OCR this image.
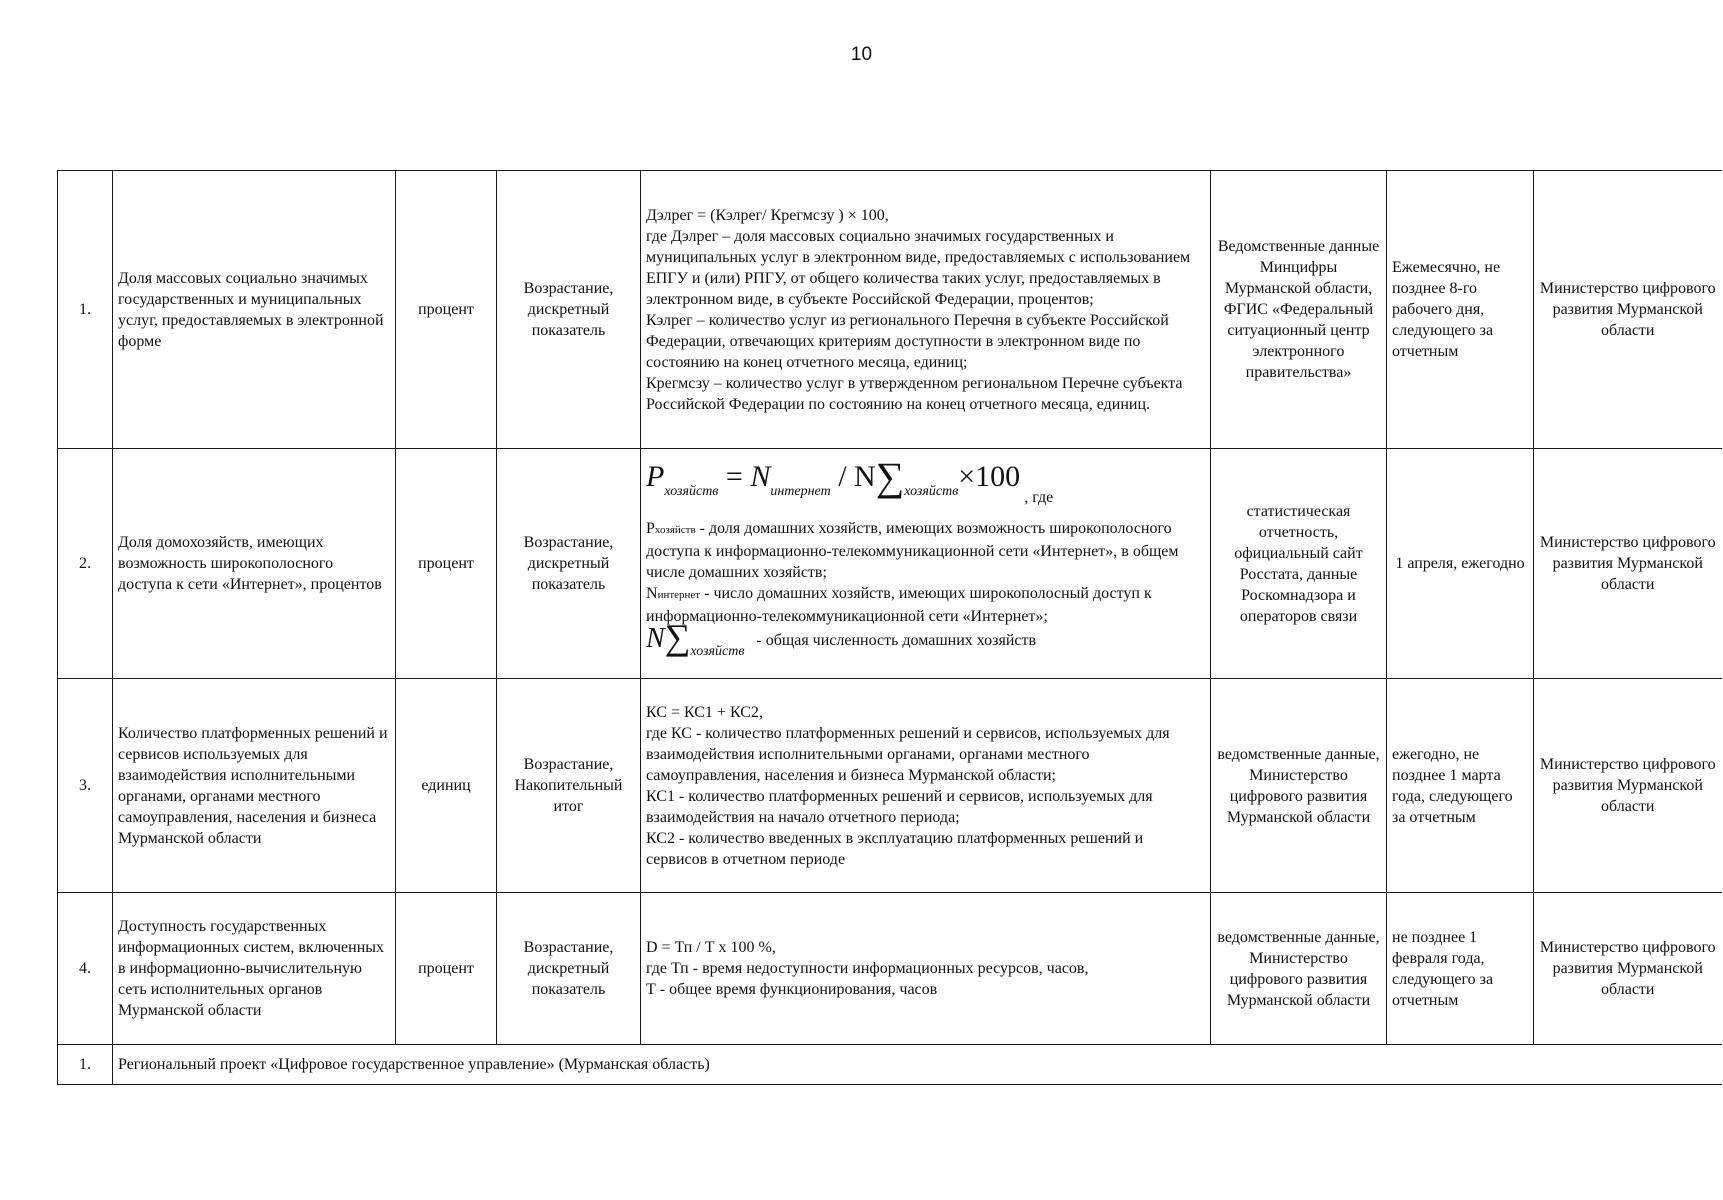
10
1.	Доля массовых социально значимых государственных и муниципальных услуг, предоставляемых в электронной форме	процент	Возрастание, дискретный показатель	Дэлрег = (Кэлрег/ Крегмсзу ) × 100,
где Дэлрег – доля массовых социально значимых государственных и муниципальных услуг в электронном виде, предоставляемых с использованием ЕПГУ и (или) РПГУ, от общего количества таких услуг, предоставляемых в электронном виде, в субъекте Российской Федерации, процентов;
Кэлрег – количество услуг из регионального Перечня в субъекте Российской Федерации, отвечающих критериям доступности в электронном виде по состоянию на конец отчетного месяца, единиц;
Крегмсзу – количество услуг в утвержденном региональном Перечне субъекта Российской Федерации по состоянию на конец отчетного месяца, единиц.	Ведомственные данные Минцифры Мурманской области, ФГИС «Федеральный ситуационный центр электронного правительства»	Ежемесячно, не позднее 8-го рабочего дня, следующего за отчетным	Министерство цифрового развития Мурманской области
2.	Доля домохозяйств, имеющих возможность широкополосного доступа к сети «Интернет», процентов	процент	Возрастание, дискретный показатель	$P_{хозяйств} = N_{интернет} / N\sum_{хозяйств}\times 100_{, где}$
Рхозяйств - доля домашних хозяйств, имеющих возможность широкополосного доступа к информационно-телекоммуникационной сети «Интернет», в общем числе домашних хозяйств;
Nинтернет - число домашних хозяйств, имеющих широкополосный доступ к информационно-телекоммуникационной сети «Интернет»;
N∑хозяйств- общая численность домашних хозяйств	статистическая отчетность, официальный сайт Росстата, данные Роскомнадзора и операторов связи	1 апреля, ежегодно	Министерство цифрового развития Мурманской области
3.	Количество платформенных решений и сервисов используемых для взаимодействия исполнительными органами, органами местного самоуправления, населения и бизнеса Мурманской области	единиц	Возрастание, Накопительный итог	КС = КС1 + КС2,
где КС - количество платформенных решений и сервисов, используемых для взаимодействия исполнительными органами, органами местного самоуправления, населения и бизнеса Мурманской области;
КС1 - количество платформенных решений и сервисов, используемых для взаимодействия на начало отчетного периода;
КС2 - количество введенных в эксплуатацию платформенных решений и сервисов в отчетном периоде	ведомственные данные, Министерство цифрового развития Мурманской области	ежегодно, не позднее 1 марта года, следующего за отчетным	Министерство цифрового развития Мурманской области
4.	Доступность государственных информационных систем, включенных в информационно-вычислительную сеть исполнительных органов Мурманской области	процент	Возрастание, дискретный показатель	D = Тп / Т х 100 %,
где Тп - время недоступности информационных ресурсов, часов,
Т - общее время функционирования, часов	ведомственные данные, Министерство цифрового развития Мурманской области	не позднее 1 февраля года, следующего за отчетным	Министерство цифрового развития Мурманской области
1.	Региональный проект «Цифровое государственное управление» (Мурманская область)						
